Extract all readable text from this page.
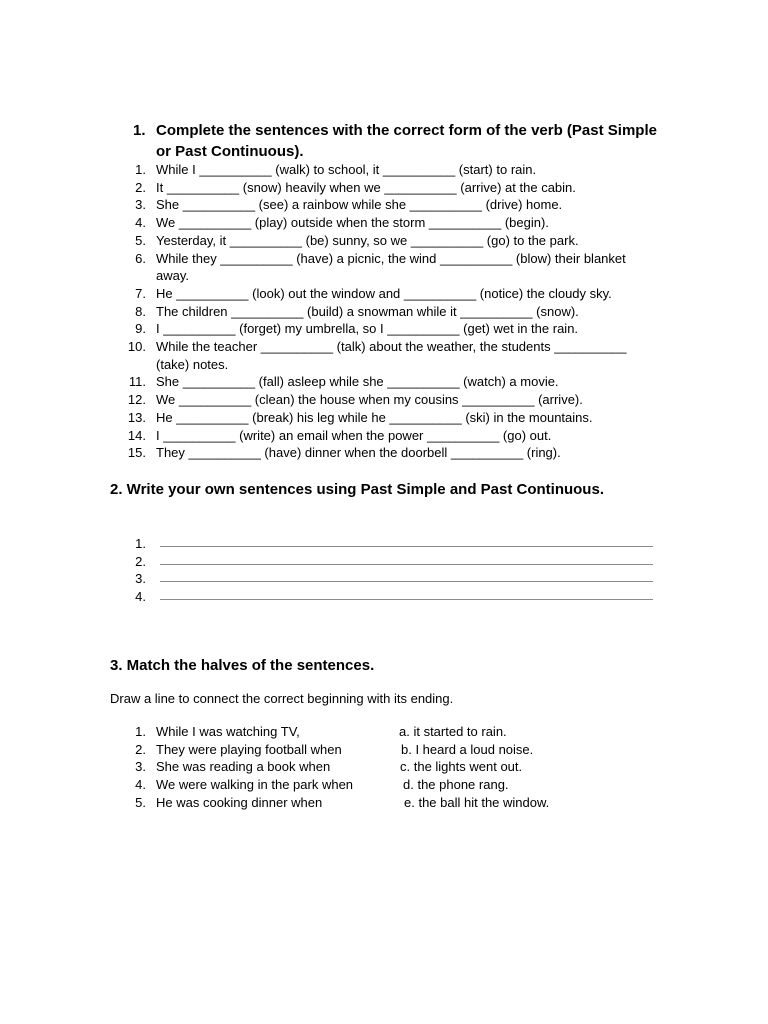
1. Complete the sentences with the correct form of the verb (Past Simple or Past Continuous).
1. While I __________ (walk) to school, it __________ (start) to rain.
2. It __________ (snow) heavily when we __________ (arrive) at the cabin.
3. She __________ (see) a rainbow while she __________ (drive) home.
4. We __________ (play) outside when the storm __________ (begin).
5. Yesterday, it __________ (be) sunny, so we __________ (go) to the park.
6. While they __________ (have) a picnic, the wind __________ (blow) their blanket away.
7. He __________ (look) out the window and __________ (notice) the cloudy sky.
8. The children __________ (build) a snowman while it __________ (snow).
9. I __________ (forget) my umbrella, so I __________ (get) wet in the rain.
10. While the teacher __________ (talk) about the weather, the students __________ (take) notes.
11. She __________ (fall) asleep while she __________ (watch) a movie.
12. We __________ (clean) the house when my cousins __________ (arrive).
13. He __________ (break) his leg while he __________ (ski) in the mountains.
14. I __________ (write) an email when the power __________ (go) out.
15. They __________ (have) dinner when the doorbell __________ (ring).
2. Write your own sentences using Past Simple and Past Continuous.
1.
2.
3.
4.
3. Match the halves of the sentences.
Draw a line to connect the correct beginning with its ending.
1. While I was watching TV,	a. it started to rain.
2. They were playing football when	b. I heard a loud noise.
3. She was reading a book when	c. the lights went out.
4. We were walking in the park when	d. the phone rang.
5. He was cooking dinner when	e. the ball hit the window.
